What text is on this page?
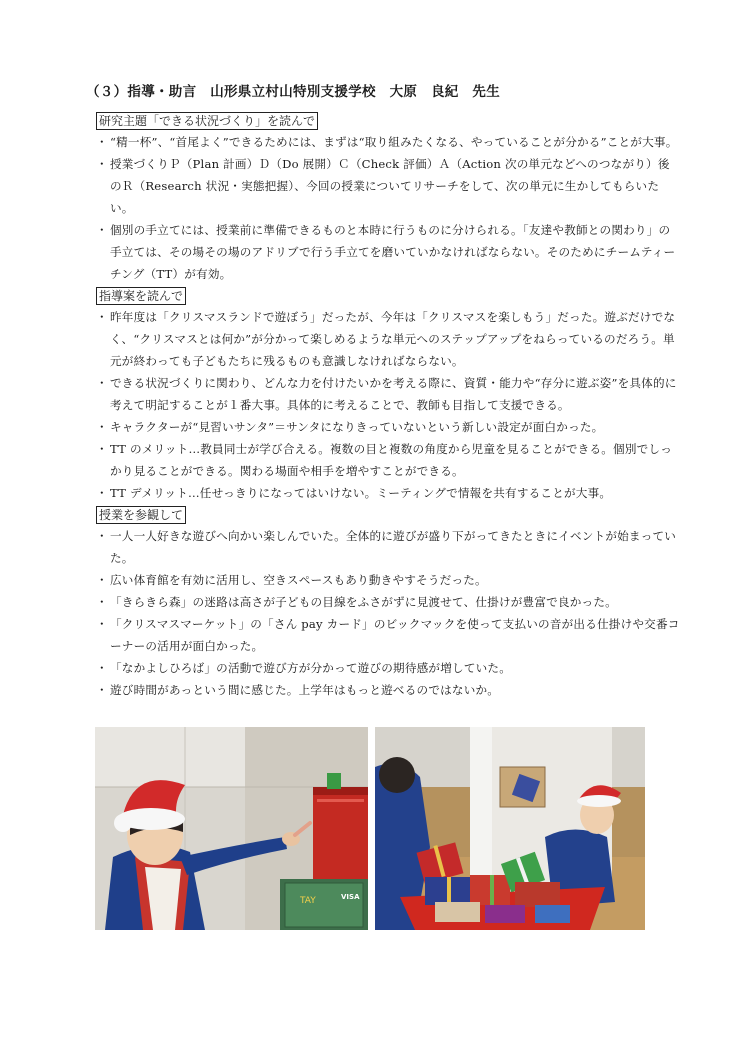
（３）指導・助言　山形県立村山特別支援学校　大原　良紀　先生
研究主題「できる状況づくり」を読んで
・ “精一杯”、“首尾よく”できるためには、まずは“取り組みたくなる、やっていることが分かる”ことが大事。
・ 授業づくりＰ（Plan 計画）Ｄ（Do 展開）Ｃ（Check 評価）Ａ（Action 次の単元などへのつながり）後のＲ（Research 状況・実態把握）、今回の授業についてリサーチをして、次の単元に生かしてもらいたい。
・ 個別の手立てには、授業前に準備できるものと本時に行うものに分けられる。「友達や教師との関わり」の手立ては、その場その場のアドリブで行う手立てを磨いていかなければならない。そのためにチームティーチング（TT）が有効。
指導案を読んで
・ 昨年度は「クリスマスランドで遊ぼう」だったが、今年は「クリスマスを楽しもう」だった。遊ぶだけでなく、“クリスマスとは何か”が分かって楽しめるような単元へのステップアップをねらっているのだろう。単元が終わっても子どもたちに残るものも意識しなければならない。
・ できる状況づくりに関わり、どんな力を付けたいかを考える際に、資質・能力や“存分に遊ぶ姿”を具体的に考えて明記することが１番大事。具体的に考えることで、教師も目指して支援できる。
・ キャラクターが“見習いサンタ”＝サンタになりきっていないという新しい設定が面白かった。
・ TT のメリット…教員同士が学び合える。複数の目と複数の角度から児童を見ることができる。個別でしっかり見ることができる。関わる場面や相手を増やすことができる。
・ TT デメリット…任せっきりになってはいけない。ミーティングで情報を共有することが大事。
授業を参観して
・ 一人一人好きな遊びへ向かい楽しんでいた。全体的に遊びが盛り下がってきたときにイベントが始まっていた。
・ 広い体育館を有効に活用し、空きスペースもあり動きやすそうだった。
・ 「きらきら森」の迷路は高さが子どもの目線をふさがずに見渡せて、仕掛けが豊富で良かった。
・ 「クリスマスマーケット」の「さん pay カード」のビックマックを使って支払いの音が出る仕掛けや交番コーナーの活用が面白かった。
・ 「なかよしひろば」の活動で遊び方が分かって遊びの期待感が増していた。
・ 遊び時間があっという間に感じた。上学年はもっと遊べるのではないか。
TAY	VISA
